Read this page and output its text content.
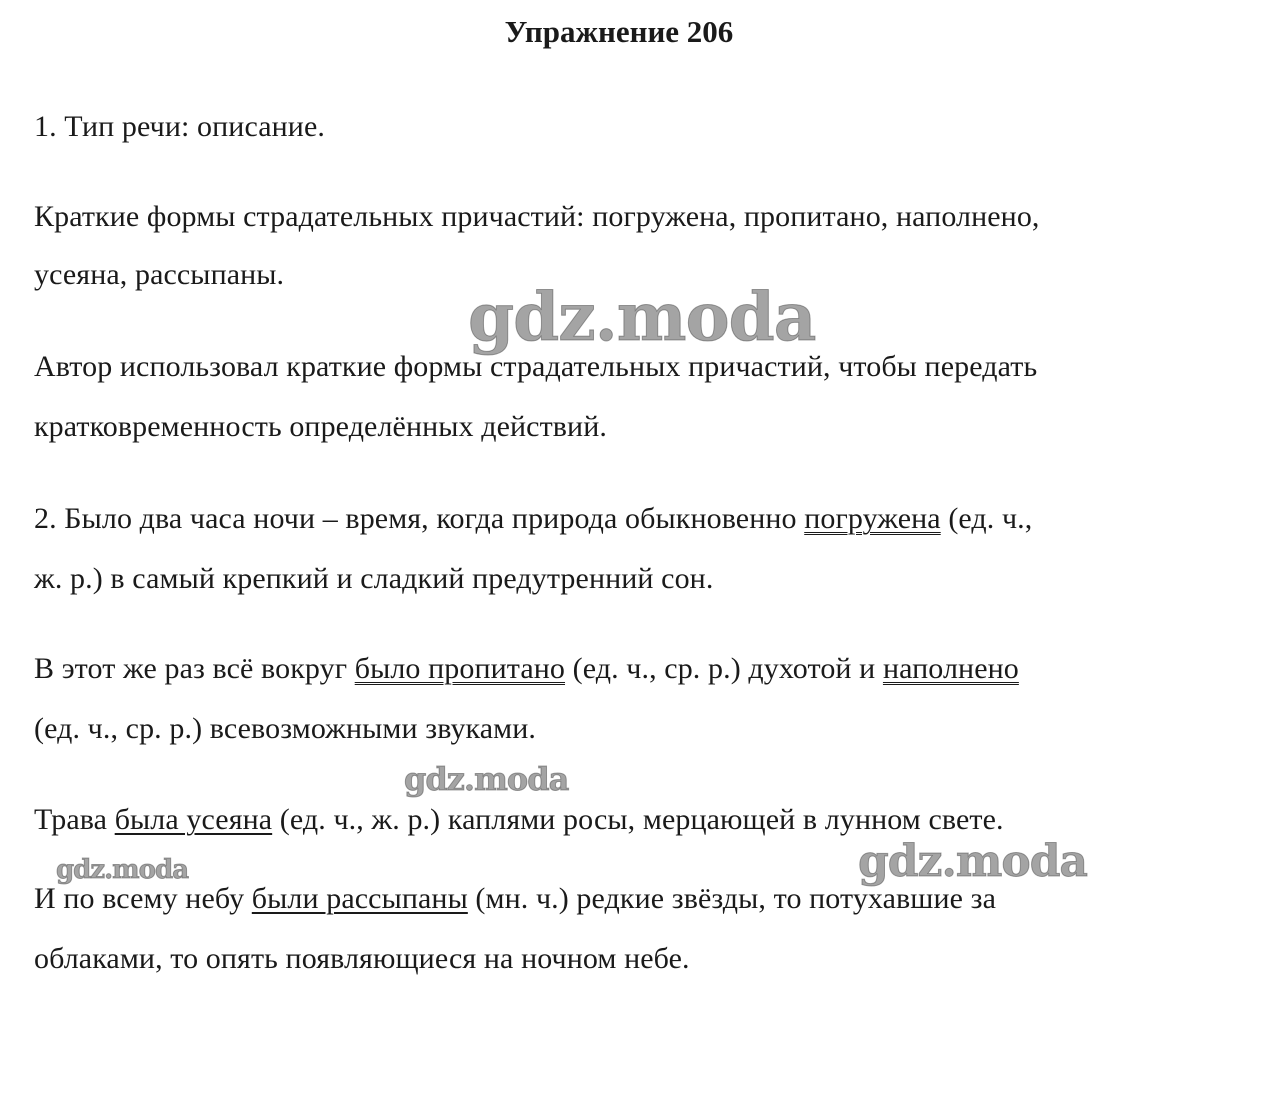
Упражнение 206

1. Тип речи: описание.

Краткие формы страдательных причастий: погружена, пропитано, наполнено,

усеяна, рассыпаны.

Автор использовал краткие формы страдательных причастий, чтобы передать

кратковременность определённых действий.

2. Было два часа ночи – время, когда природа обыкновенно погружена (ед. ч.,

ж. р.) в самый крепкий и сладкий предутренний сон.

В этот же раз всё вокруг было пропитано (ед. ч., ср. р.) духотой и наполнено

(ед. ч., ср. р.) всевозможными звуками.

Трава была усеяна (ед. ч., ж. р.) каплями росы, мерцающей в лунном свете.

И по всему небу были рассыпаны (мн. ч.) редкие звёзды, то потухавшие за

облаками, то опять появляющиеся на ночном небе.

gdz.moda
gdz.moda
gdz.moda	gdz.moda
